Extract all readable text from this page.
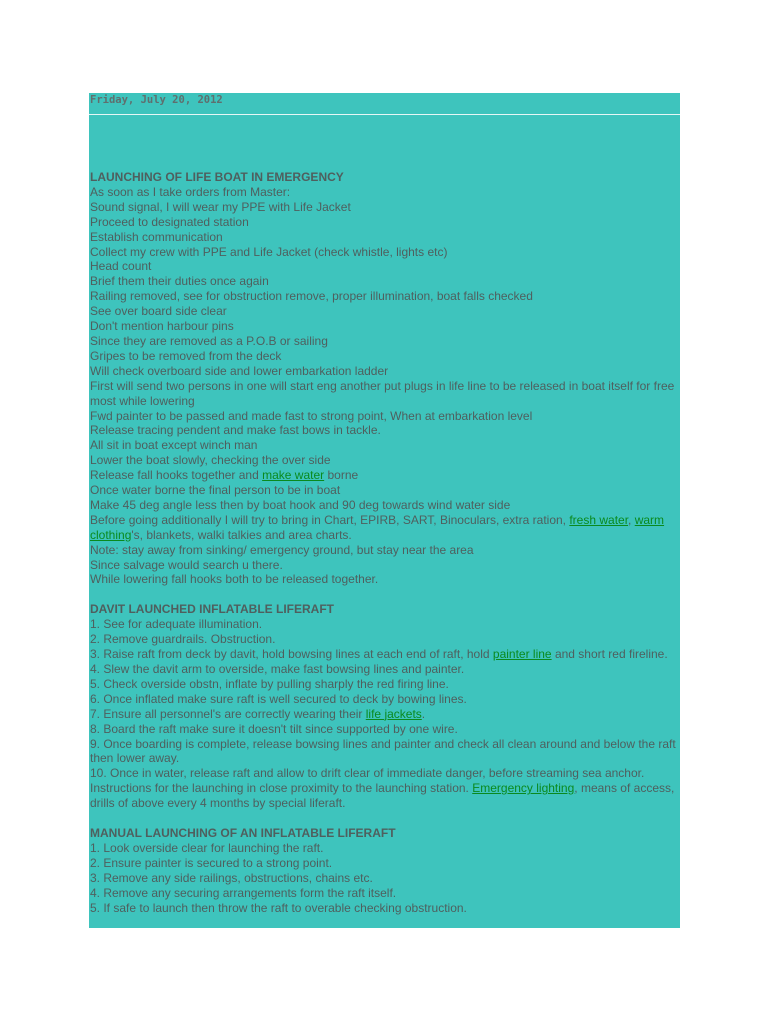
Friday, July 20, 2012
LAUNCHING OF LIFE BOAT IN EMERGENCY
As soon as I take orders from Master:
Sound signal, I will wear my PPE with Life Jacket
Proceed to designated station
Establish communication
Collect my crew with PPE and Life Jacket (check whistle, lights etc)
Head count
Brief them their duties once again
Railing removed, see for obstruction remove, proper illumination, boat falls checked
See over board side clear
Don't mention harbour pins
Since they are removed as a P.O.B or sailing
Gripes to be removed from the deck
Will check overboard side and lower embarkation ladder
First will send two persons in one will start eng another put plugs in life line to be released in boat itself for free most while lowering
Fwd painter to be passed and made fast to strong point, When at embarkation level
Release tracing pendent and make fast bows in tackle.
All sit in boat except winch man
Lower the boat slowly, checking the over side
Release fall hooks together and make water borne
Once water borne the final person to be in boat
Make 45 deg angle less then by boat hook and 90 deg towards wind water side
Before going additionally I will try to bring in Chart, EPIRB, SART, Binoculars, extra ration, fresh water, warm clothing's, blankets, walki talkies and area charts.
Note: stay away from sinking/ emergency ground, but stay near the area
Since salvage would search u there.
While lowering fall hooks both to be released together.
DAVIT LAUNCHED INFLATABLE LIFERAFT
1. See for adequate illumination.
2. Remove guardrails. Obstruction.
3. Raise raft from deck by davit, hold bowsing lines at each end of raft, hold painter line and short red fireline.
4. Slew the davit arm to overside, make fast bowsing lines and painter.
5. Check overside obstn, inflate by pulling sharply the red firing line.
6. Once inflated make sure raft is well secured to deck by bowing lines.
7. Ensure all personnel's are correctly wearing their life jackets.
8. Board the raft make sure it doesn't tilt since supported by one wire.
9. Once boarding is complete, release bowsing lines and painter and check all clean around and below the raft then lower away.
10. Once in water, release raft and allow to drift clear of immediate danger, before streaming sea anchor.
Instructions for the launching in close proximity to the launching station. Emergency lighting, means of access, drills of above every 4 months by special liferaft.
MANUAL LAUNCHING OF AN INFLATABLE LIFERAFT
1. Look overside clear for launching the raft.
2. Ensure painter is secured to a strong point.
3. Remove any side railings, obstructions, chains etc.
4. Remove any securing arrangements form the raft itself.
5. If safe to launch then throw the raft to overable checking obstruction.
